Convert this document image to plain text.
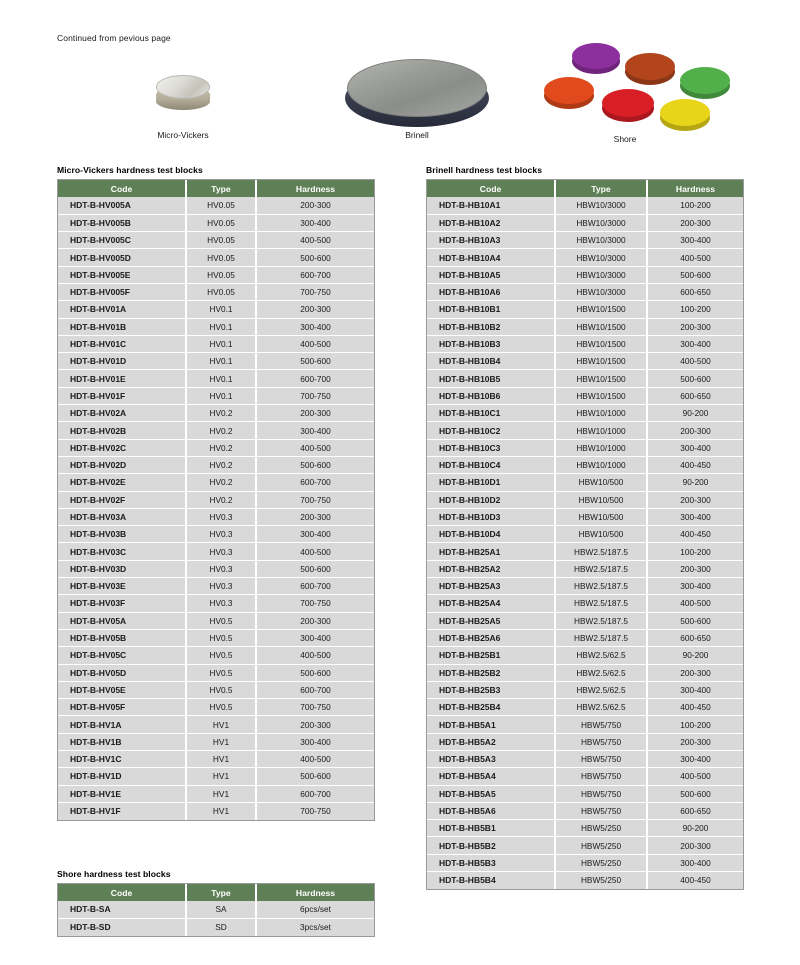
Continued from pevious page
Micro-Vickers	Brinell	Shore
Micro-Vickers hardness test blocks
Code	Type	Hardness
HDT-B-HV005A	HV0.05	200-300
HDT-B-HV005B	HV0.05	300-400
HDT-B-HV005C	HV0.05	400-500
HDT-B-HV005D	HV0.05	500-600
HDT-B-HV005E	HV0.05	600-700
HDT-B-HV005F	HV0.05	700-750
HDT-B-HV01A	HV0.1	200-300
HDT-B-HV01B	HV0.1	300-400
HDT-B-HV01C	HV0.1	400-500
HDT-B-HV01D	HV0.1	500-600
HDT-B-HV01E	HV0.1	600-700
HDT-B-HV01F	HV0.1	700-750
HDT-B-HV02A	HV0.2	200-300
HDT-B-HV02B	HV0.2	300-400
HDT-B-HV02C	HV0.2	400-500
HDT-B-HV02D	HV0.2	500-600
HDT-B-HV02E	HV0.2	600-700
HDT-B-HV02F	HV0.2	700-750
HDT-B-HV03A	HV0.3	200-300
HDT-B-HV03B	HV0.3	300-400
HDT-B-HV03C	HV0.3	400-500
HDT-B-HV03D	HV0.3	500-600
HDT-B-HV03E	HV0.3	600-700
HDT-B-HV03F	HV0.3	700-750
HDT-B-HV05A	HV0.5	200-300
HDT-B-HV05B	HV0.5	300-400
HDT-B-HV05C	HV0.5	400-500
HDT-B-HV05D	HV0.5	500-600
HDT-B-HV05E	HV0.5	600-700
HDT-B-HV05F	HV0.5	700-750
HDT-B-HV1A	HV1	200-300
HDT-B-HV1B	HV1	300-400
HDT-B-HV1C	HV1	400-500
HDT-B-HV1D	HV1	500-600
HDT-B-HV1E	HV1	600-700
HDT-B-HV1F	HV1	700-750
Shore hardness test blocks
Code	Type	Hardness
HDT-B-SA	SA	6pcs/set
HDT-B-SD	SD	3pcs/set
Brinell hardness test blocks
Code	Type	Hardness
HDT-B-HB10A1	HBW10/3000	100-200
HDT-B-HB10A2	HBW10/3000	200-300
HDT-B-HB10A3	HBW10/3000	300-400
HDT-B-HB10A4	HBW10/3000	400-500
HDT-B-HB10A5	HBW10/3000	500-600
HDT-B-HB10A6	HBW10/3000	600-650
HDT-B-HB10B1	HBW10/1500	100-200
HDT-B-HB10B2	HBW10/1500	200-300
HDT-B-HB10B3	HBW10/1500	300-400
HDT-B-HB10B4	HBW10/1500	400-500
HDT-B-HB10B5	HBW10/1500	500-600
HDT-B-HB10B6	HBW10/1500	600-650
HDT-B-HB10C1	HBW10/1000	90-200
HDT-B-HB10C2	HBW10/1000	200-300
HDT-B-HB10C3	HBW10/1000	300-400
HDT-B-HB10C4	HBW10/1000	400-450
HDT-B-HB10D1	HBW10/500	90-200
HDT-B-HB10D2	HBW10/500	200-300
HDT-B-HB10D3	HBW10/500	300-400
HDT-B-HB10D4	HBW10/500	400-450
HDT-B-HB25A1	HBW2.5/187.5	100-200
HDT-B-HB25A2	HBW2.5/187.5	200-300
HDT-B-HB25A3	HBW2.5/187.5	300-400
HDT-B-HB25A4	HBW2.5/187.5	400-500
HDT-B-HB25A5	HBW2.5/187.5	500-600
HDT-B-HB25A6	HBW2.5/187.5	600-650
HDT-B-HB25B1	HBW2.5/62.5	90-200
HDT-B-HB25B2	HBW2.5/62.5	200-300
HDT-B-HB25B3	HBW2.5/62.5	300-400
HDT-B-HB25B4	HBW2.5/62.5	400-450
HDT-B-HB5A1	HBW5/750	100-200
HDT-B-HB5A2	HBW5/750	200-300
HDT-B-HB5A3	HBW5/750	300-400
HDT-B-HB5A4	HBW5/750	400-500
HDT-B-HB5A5	HBW5/750	500-600
HDT-B-HB5A6	HBW5/750	600-650
HDT-B-HB5B1	HBW5/250	90-200
HDT-B-HB5B2	HBW5/250	200-300
HDT-B-HB5B3	HBW5/250	300-400
HDT-B-HB5B4	HBW5/250	400-450
